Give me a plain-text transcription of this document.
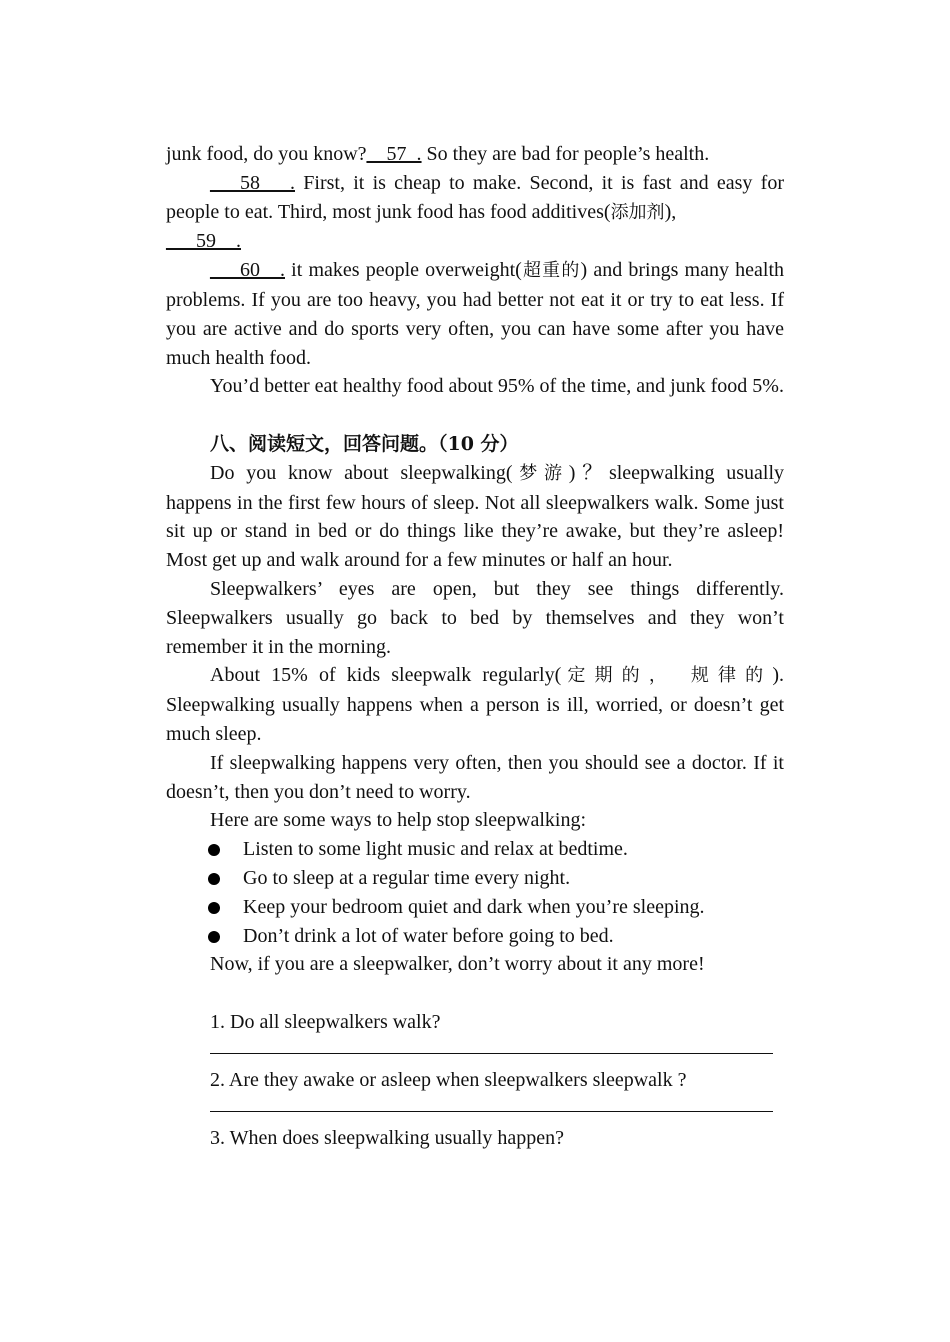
junk food, do you know?__57_. So they are bad for people’s health.

___58___. First, it is cheap to make. Second, it is fast and easy for people to eat. Third, most junk food has food additives(添加剂),
___59__.

___60__. it makes people overweight(超重的) and brings many health problems. If you are too heavy, you had better not eat it or try to eat less. If you are active and do sports very often, you can have some after you have much health food.

You’d better eat healthy food about 95% of the time, and junk food 5%.

八、阅读短文，回答问题。（10 分）

Do you know about sleepwalking(梦游)？sleepwalking usually happens in the first few hours of sleep. Not all sleepwalkers walk. Some just sit up or stand in bed or do things like they’re awake, but they’re asleep! Most get up and walk around for a few minutes or half an hour.

Sleepwalkers’ eyes are open, but they see things differently. Sleepwalkers usually go back to bed by themselves and they won’t remember it in the morning.

About 15% of kids sleepwalk regularly(定期的， 规律的). Sleepwalking usually happens when a person is ill, worried, or doesn’t get much sleep.

If sleepwalking happens very often, then you should see a doctor. If it doesn’t, then you don’t need to worry.

Here are some ways to help stop sleepwalking:

Listen to some light music and relax at bedtime.
Go to sleep at a regular time every night.
Keep your bedroom quiet and dark when you’re sleeping.
Don’t drink a lot of water before going to bed.

Now, if you are a sleepwalker, don’t worry about it any more!

1. Do all sleepwalkers walk?

2. Are they awake or asleep when sleepwalkers sleepwalk ?

3. When does sleepwalking usually happen?
